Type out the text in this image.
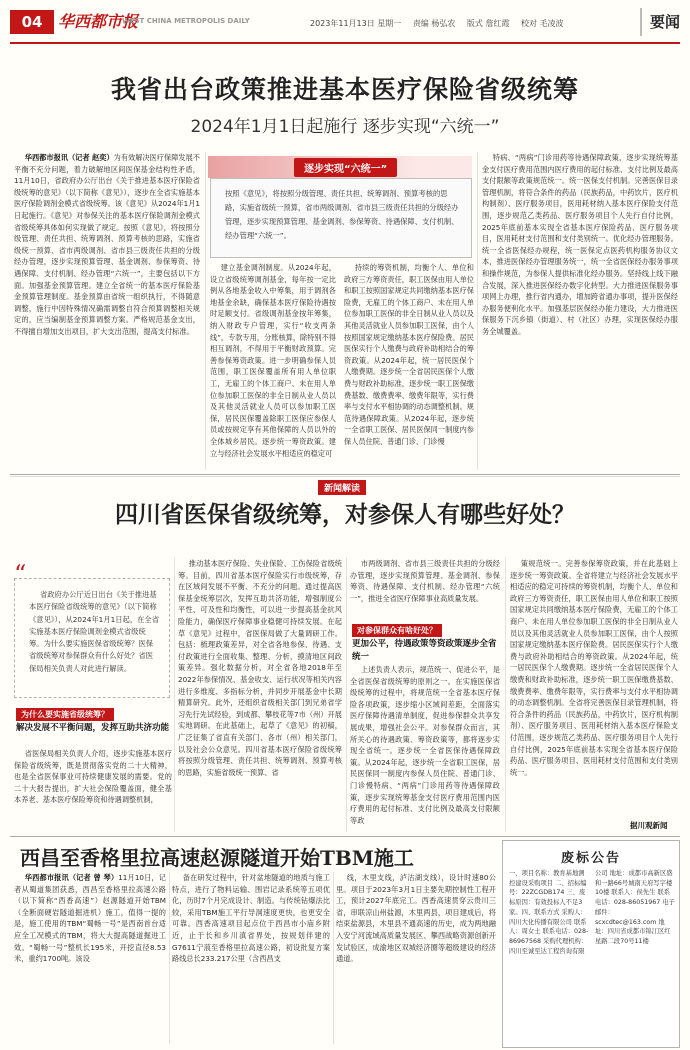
04 华西都市报
WEST CHINA METROPOLIS DAILY	2023年11月13日 星期一 责编 杨弘农 版式 詹红霞 校对 毛凌波	要闻
我省出台政策推进基本医疗保险省级统筹
2024年1月1日起施行 逐步实现“六统一”
逐步实现“六统一”
按照《意见》，将按照分级管理、责任共担、统筹调剂、预算考核的思路，实施省级统一预算，省市两级调剂、省市县三级责任共担的分级经办管理，逐步实现预算管理、基金调剂、参保筹资、待遇保障、支付机制、经办管理“六统一”。
华西都市报讯（记者 赵奕）为有效解决医疗保障发展不平衡不充分问题，着力破解地区间医保基金结构性矛盾，11月10日，省政府办公厅出台《关于推进基本医疗保险省级统筹的意见》（以下简称《意见》），逐步在全省实施基本医疗保险调剂金模式省级统筹。该《意见》从2024年1月1日起施行。《意见》对参保关注的基本医疗保险调剂金模式省级统筹具体如何实现做了规定。按照《意见》，将按照分级管理、责任共担、统筹调剂、预算考核的思路，实施省级统一预算、省市两级调剂、省市县三级责任共担的分级经办管理，逐步实现预算管理、基金调剂、参保筹资、待遇保障、支付机制、经办管理“六统一”，主要包括以下方面。加强基金预算管理。建立全省统一的基本医疗保险基金预算管理制度。基金预算由省统一组织执行，不得随意调整，施行中因特殊情况确需调整自符合预算调整相关规定的，应当编制基金预算调整方案。严格规范基金支出，不得擅自增加支出项目，扩大支出范围，提高支付标准。
建立基金调剂制度。从2024年起，设立省级统筹调剂基金，每年按一定比例从各地基金收入中筹集，用于调剂各地基金余缺，确保基本医疗保险待遇按时足额支付。省级调剂基金按年筹集，纳入财政专户管理，实行“收支两条线”，专款专用，分账核算，除特别不得相互调剂，不得用于平衡财政预算。完善参保筹资政策。进一步明确参保人员范围，职工医保覆盖所有用人单位职工，无雇工的个体工商户、未在用人单位参加职工医保的非全日制从业人员以及其他灵活就业人员可以参加职工医保，居民医保覆盖除职工医保应参保人员或按规定享有其他保障的人员以外的全体城乡居民。逐步统一筹资政策。建立与经济社会发展水平相适应的稳定可
持续的筹资机制，均衡个人、单位和政府三方筹资责任，职工医保由用人单位和职工按照国家规定共同缴纳基本医疗保险费，无雇工的个体工商户、未在用人单位参加职工医保的非全日制从业人员以及其他灵活就业人员参加职工医保，由个人按照国家规定缴纳基本医疗保险费。居民医保实行个人缴费与政府补助相结合的筹资政策。从2024年起，统一居民医保个人缴费期。逐步统一全省居民医保个人缴费与财政补助标准，逐步统一职工医保缴费基数、缴费费率、缴费年限等，实行费率与支付水平相协调的动态调整机制。规范待遇保障政策。从2024年起，逐步统一全省职工医保、居民医保同一制度内参保人员住院、普通门诊、门诊慢
特病、“两病”门诊用药等待遇保障政策，逐步实现统筹基金支付医疗费用范围内医疗费用的起付标准、支付比例及最高支付限额等政策规范统一。统一医保支付机制。完善医保目录管理机制，将符合条件的药品（民族药品，中药饮片，医疗机构制剂）、医疗服务项目，医用耗材纳入基本医疗保险支付范围，逐步规范乙类药品、医疗服务项目个人先行自付比例，2025年底前基本实现全省基本医疗保险药品、医疗服务项目，医用耗材支付范围和支付类别统一。优化经办管理服务。统一全省医保经办规程，统一医保定点医药机构服务协议文本，推进医保经办管理服务统一，统一全省医保经办服务事项和操作规范，为参保人提供标准化经办服务。坚持线上线下融合发展，深入推进医保经办数字化转型。大力推进医保服务事项网上办理，推行省内通办，增加跨省通办事项，提升医保经办服务便利化水平。加强基层医保经办能力建设，大力推进医保服务下沉乡镇（街道）、村（社区）办理，实现医保经办服务全城覆盖。
新闻解读
四川省医保省级统筹，对参保人有哪些好处？
“
省政府办公厅近日出台《关于推进基本医疗保险省级统筹的意见》（以下简称《意见》），从2024年1月1日起，在全省实施基本医疗保险调剂金模式省级统筹。为什么要实施医保省级统筹？医保省级统筹对参保群众有什么好处？省医保局相关负责人对此进行解读。
为什么要实施省级统筹？
解决发展不平衡问题，发挥互助共济功能
省医保局相关负责人介绍，逐步实施基本医疗保险省级统筹，既是贯彻落实党的二十大精神，也是全省医保事业可持续健康发展的需要。党的二十大报告提出，扩大社会保险覆盖面，健全基本养老、基本医疗保险筹资和待遇调整机制，
推动基本医疗保险、失业保险、工伤保险省级统筹。目前，四川省基本医疗保险实行市级统筹，存在区域间发展不平衡、不充分的问题。通过提高医保基金统筹层次，发挥互助共济功能，增强制度公平性、可及性和均衡性，可以进一步提高基金抗风险能力，确保医疗保障事业稳健可持续发展。在起草《意见》过程中，省医保局做了大量调研工作。包括：梳理政策差异，对全省各地参保、待遇、支付政策进行全面收集、整理、分析，摸清地区间政策差异。强化数据分析，对全省各地2018年至2022年参保情况、基金收支、运行状况等相关内容进行多维度、多指标分析，并同步开展基金中长期精算研究。此外，还组织省级相关部门到兄弟省学习先行先试经验，到成都、攀枝花等7市（州）开展实地调研。在此基础上，起草了《意见》的初稿，广泛征集了省直有关部门、各市（州）相关部门，以及社会公众意见。四川省基本医疗保险省级统筹将按照分级管理、责任共担、统筹调剂、预算考核的思路，实施省级统一预算、省
市两级调剂、省市县三级责任共担的分级经办管理，逐步实现预算管理、基金调剂、参保筹资、待遇保障、支付机制、经办管理“六统一”，推进全省医疗保障事业高质量发展。
对参保群众有啥好处？
更加公平，待遇政策等资政策逐步全省统一
上述负责人表示，规范统一、促进公平，是全省医保省级统筹的原则之一。在实施医保省级统筹的过程中，将规范统一全省基本医疗保险各项政策，逐步缩小区域间差距，全面落实医疗保障待遇清单制度，促进参保群众共享发展成果，增强社会公平。对参保群众而言，其所关心的待遇政策、筹资政策等，都将逐步实现全省统一。逐步统一全省医保待遇保障政策。从2024年起，逐步统一全省职工医保，居民医保同一制度内参保人员住院、普通门诊、门诊慢特病、“两病”门诊用药等待遇保障政策，逐步实现统筹基金支付医疗费用范围内医疗费用的起付标准、支付比例及最高支付限额等政
策规范统一。完善参保筹资政策，并在此基础上逐步统一筹资政策。全省将建立与经济社会发展水平相适应的稳定可持续的筹资机制，均衡个人、单位和政府三方筹资责任，职工医保由用人单位和职工按照国家规定共同缴纳基本医疗保险费，无雇工的个体工商户、未在用人单位参加职工医保的非全日制从业人员以及其他灵活就业人员参加职工医保，由个人按照国家规定缴纳基本医疗保险费。居民医保实行个人缴费与政府补助相结合的筹资政策。从2024年起，统一居民医保个人缴费期。逐步统一全省居民医保个人缴费和财政补助标准，逐步统一职工医保缴费基数、缴费费率、缴费年限等，实行费率与支付水平相协调的动态调整机制。全省将完善医保目录管理机制，将符合条件的药品（民族药品，中药饮片，医疗机构制剂）、医疗服务项目、医用耗材纳入基本医疗保险支付范围，逐步规范乙类药品、医疗服务项目个人先行自付比例，2025年底前基本实现全省基本医疗保险药品、医疗服务项目、医用耗材支付范围和支付类别统一。
据川观新闻
西昌至香格里拉高速赵源隧道开始TBM施工
华西都市报讯（记者 曾 琴）11月10日，记者从蜀道集团获悉，西昌至香格里拉高速公路（以下简称“西香高速”）赵源隧道开始TBM（全断面硬岩隧道掘进机）施工，值得一提的是，施工使用的TBM“蜀畅一号”是西南首台适应全工况模式的TBM，将大大提高隧道掘进工效。“蜀畅一号”整机长195米，开挖直径8.53米，重约1700吨。该设
备在研发过程中，针对盆地隧道的地质与施工特点，进行了物料运输、围岩记录系统等五项优化，历时7个月完成设计、制造。与传统钻爆法比较，采用TBM施工平行导洞速度更快，也更安全可靠。西香高速项目起点位于西昌市小庙乡附近，止于长和乡川滇省界处，按规划伴建的G7611宁蒗至香格里拉高速公路，初设批复方案路线总长233.217公里（含西昌支
线，木里支线，泸沽湖支线），设计时速80公里。项目于2023年3月1日主要先期控制性工程开工，预计2027年底完工。西香高速贯穿云贵川三省，串联凉山州盐源，木里两县，项目建成后，将结束盐源县，木里县不通高速的历史，成为两地融入安宁河流域高质量发展区、攀西战略资源创新开发试验区，成渝地区双城经济圈等超级建设的经济通道。
废标公告
一、项目名称：教育基地测控建设采购项目 二、招标编号：22ZCGDB174 三、废标原因：有效投标人不足3家。四、联系方式 采购人：四川大化传播有限公司 联系人：周女士 联系电话：028-86967568 采购代理机构：四川至诚至达工程咨询有限公司 地址：成都市高新区盛和一路66号城南天府写字楼10楼 联系人：侯先生 联系电话：028-86051967 电子邮件：scxcdtec@163.com 地址：四川省成都市锦江区红星路二段70号11楼
